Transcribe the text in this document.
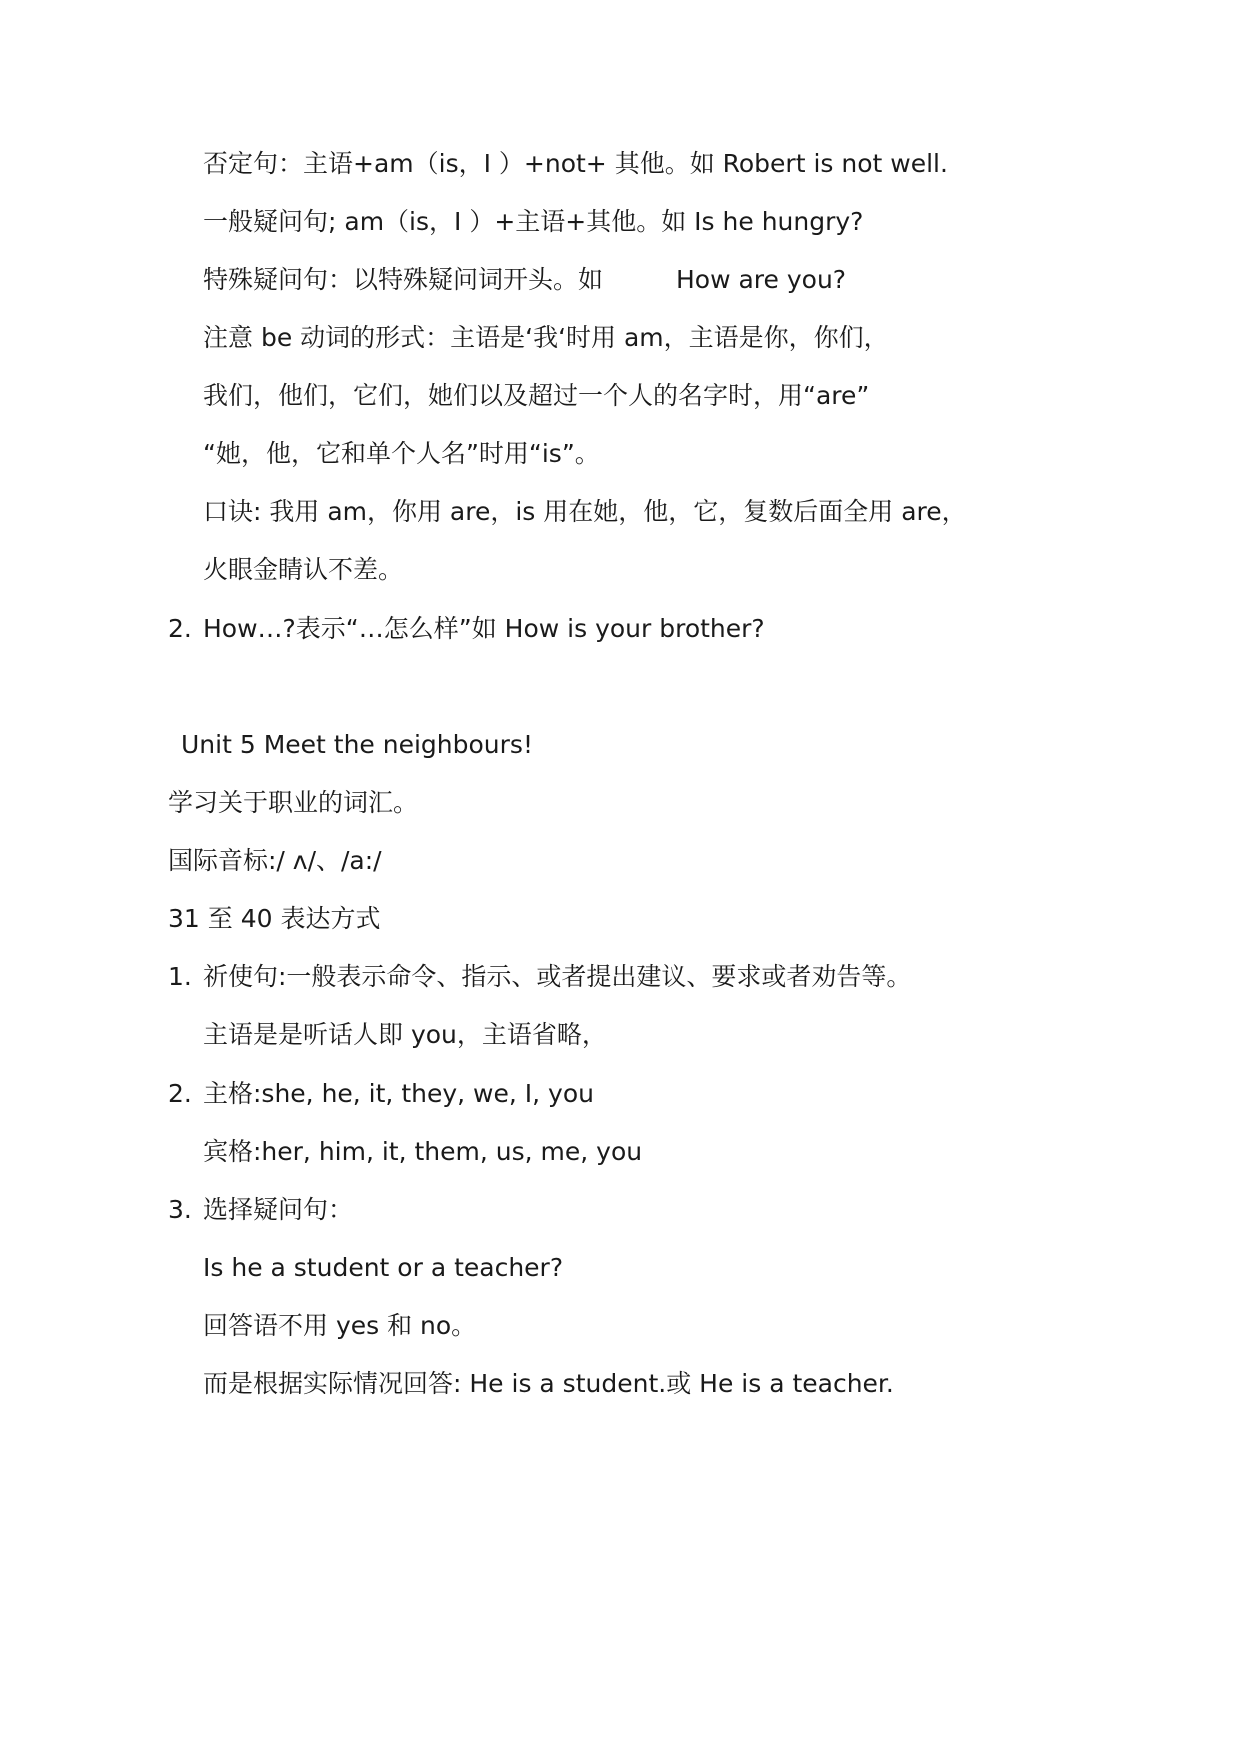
否定句：主语+am（is，I ）+not+ 其他。如 Robert is not well.
一般疑问句; am（is，I ）+主语+其他。如 Is he hungry?
特殊疑问句：以特殊疑问词开头。如	How are you?
注意 be 动词的形式：主语是‘我‘时用 am，主语是你，你们，
我们，他们，它们，她们以及超过一个人的名字时，用“are”
“她，他，它和单个人名”时用“is”。
口诀: 我用 am，你用 are，is 用在她，他，它，复数后面全用 are，
火眼金睛认不差。
2. How…?表示“…怎么样”如 How is your brother?
Unit 5 Meet the neighbours!
学习关于职业的词汇。
国际音标:/ ʌ/、/a:/
31 至 40 表达方式
1. 祈使句:一般表示命令、指示、或者提出建议、要求或者劝告等。
主语是是听话人即 you，主语省略，
2. 主格:she, he, it, they, we, I, you
宾格:her, him, it, them, us, me, you
3. 选择疑问句：
Is he a student or a teacher?
回答语不用 yes 和 no。
而是根据实际情况回答: He is a student.或 He is a teacher.
